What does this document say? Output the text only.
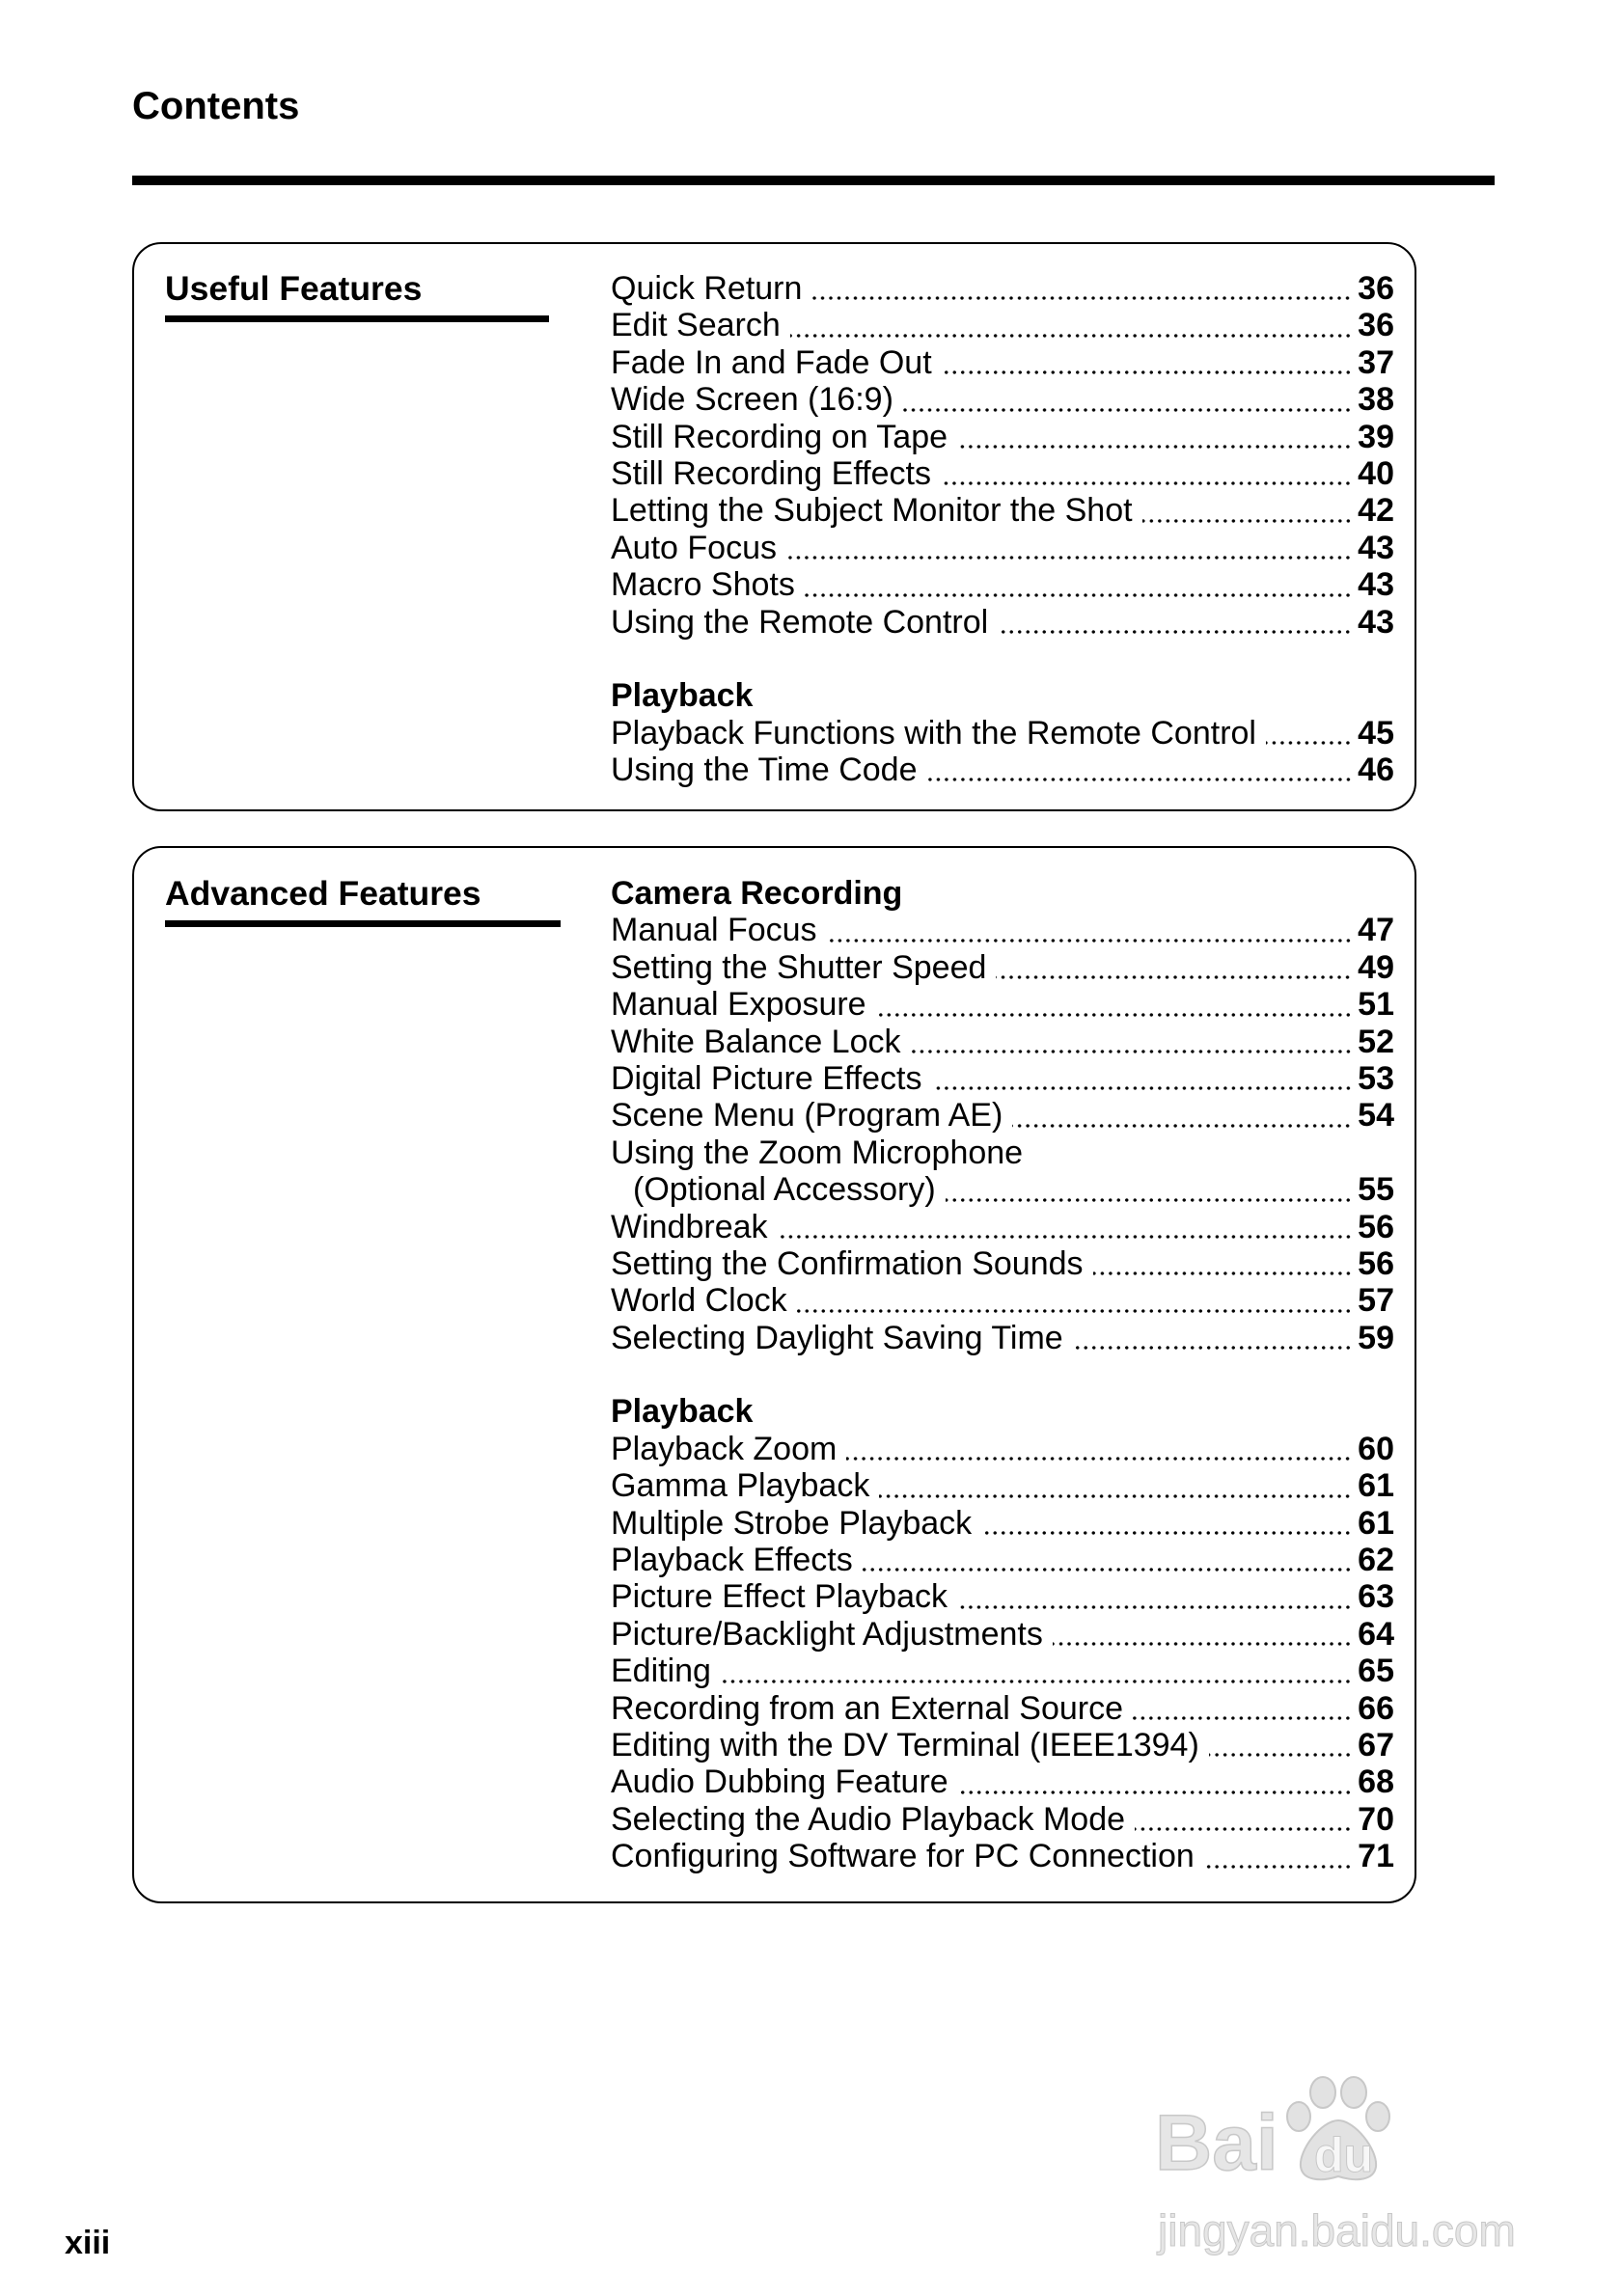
Contents
Useful Features
Advanced Features
Quick Return	36
Edit Search	36
Fade In and Fade Out	37
Wide Screen (16:9)	38
Still Recording on Tape	39
Still Recording Effects	40
Letting the Subject Monitor the Shot	42
Auto Focus	43
Macro Shots	43
Using the Remote Control	43
Playback
Playback Functions with the Remote Control	45
Using the Time Code	46
Camera Recording
Manual Focus	47
Setting the Shutter Speed	49
Manual Exposure	51
White Balance Lock	52
Digital Picture Effects	53
Scene Menu (Program AE)	54
Using the Zoom Microphone
(Optional Accessory)	55
Windbreak	56
Setting the Confirmation Sounds	56
World Clock	57
Selecting Daylight Saving Time	59
Playback
Playback Zoom	60
Gamma Playback	61
Multiple Strobe Playback	61
Playback Effects	62
Picture Effect Playback	63
Picture/Backlight Adjustments	64
Editing	65
Recording from an External Source	66
Editing with the DV Terminal (IEEE1394)	67
Audio Dubbing Feature	68
Selecting the Audio Playback Mode	70
Configuring Software for PC Connection	71
xiii
Bai du
jingyan.baidu.com
